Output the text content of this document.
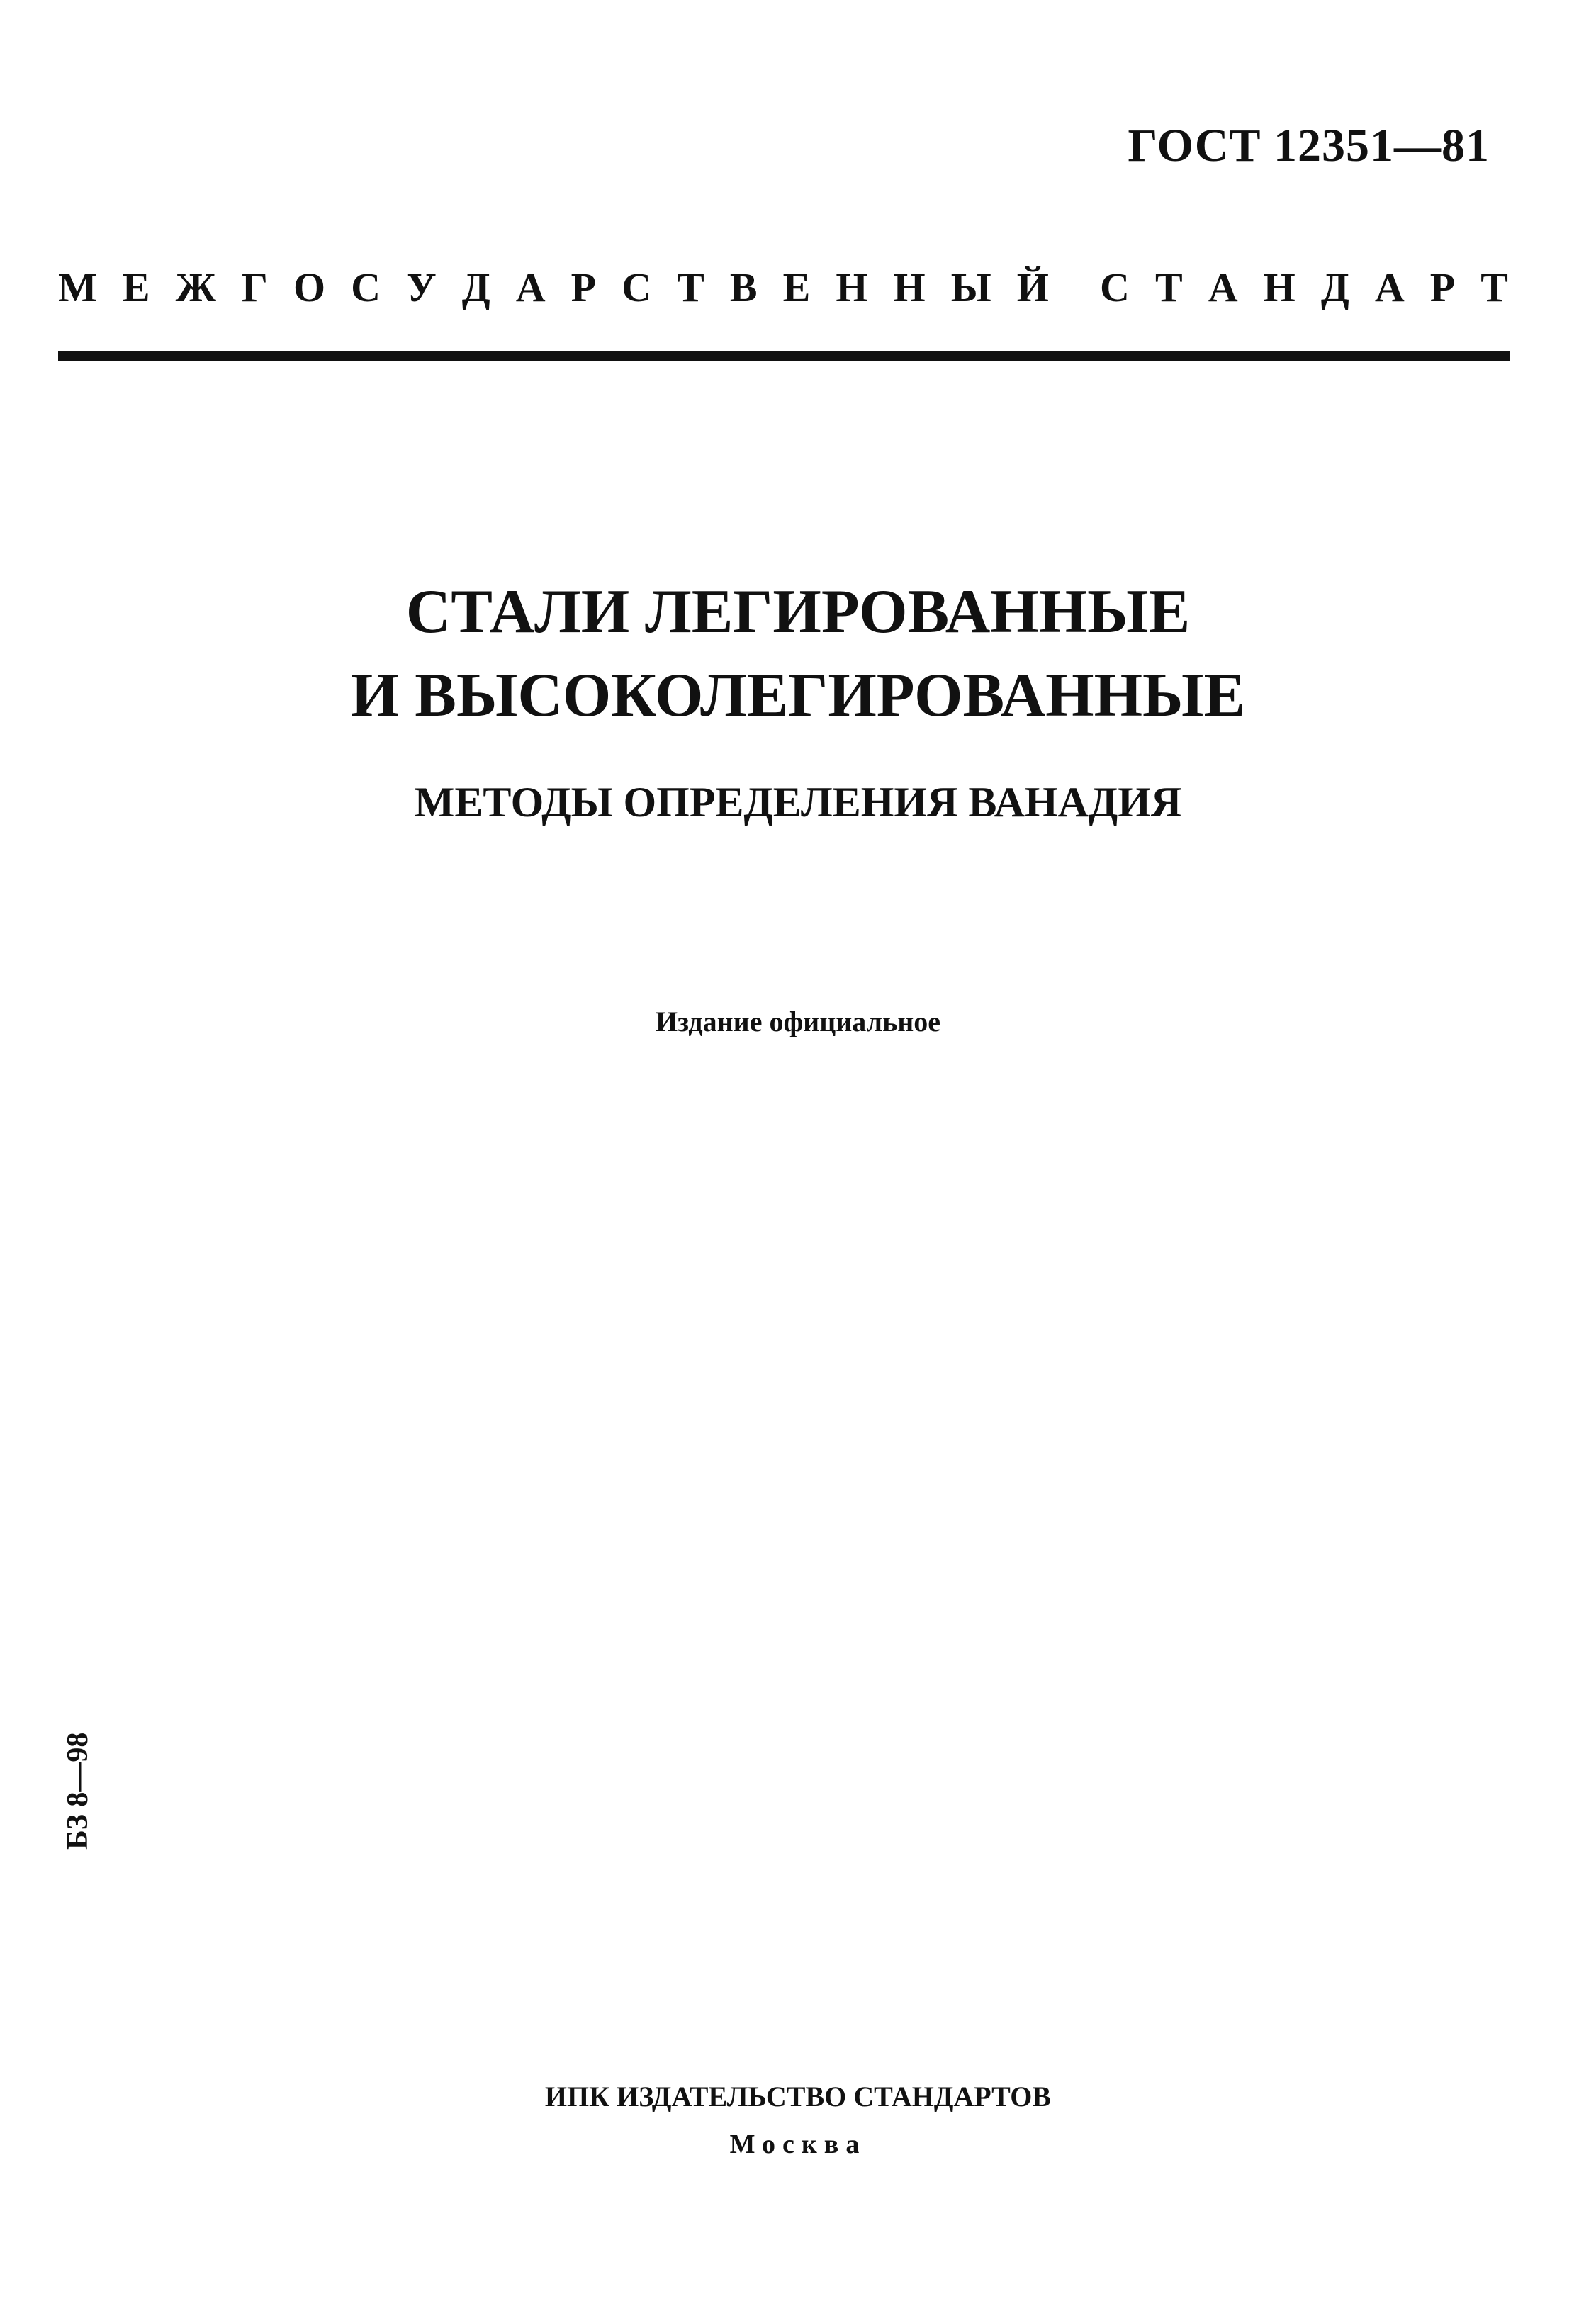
ГОСТ 12351—81
М Е Ж Г О С У Д А Р С Т В Е Н Н Ы Й С Т А Н Д А Р Т
СТАЛИ ЛЕГИРОВАННЫЕ
И ВЫСОКОЛЕГИРОВАННЫЕ
МЕТОДЫ ОПРЕДЕЛЕНИЯ ВАНАДИЯ
Издание официальное
БЗ 8—98
ИПК ИЗДАТЕЛЬСТВО СТАНДАРТОВ
Москва
